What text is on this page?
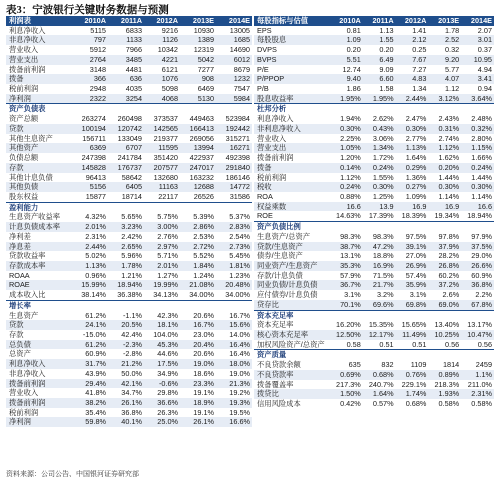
表3：宁波银行关键财务数据与预测
利润表	2010A	2011A	2012A	2013E	2014E
利息净收入	5115	6833	9216	10930	13005
非息净收入	797	1133	1126	1389	1685
营业收入	5912	7966	10342	12319	14690
营业支出	2764	3485	4221	5042	6012
拨备前利润	3148	4481	6121	7277	8679
拨备	366	636	1076	908	1232
税前利润	2948	4035	5098	6469	7547
净利润	2322	3254	4068	5130	5984
资产负债表					
资产总额	263274	260498	373537	449463	523984
贷款	100194	120742	142565	166413	192442
其他生息资产	156711	133049	219377	269056	315271
其他资产	6369	6707	11595	13994	16271
负债总额	247398	241784	351420	422937	492398
存款	145828	176737	207577	247017	291840
其他计息负债	96413	58642	132680	163232	186146
其他负债	5156	6405	11163	12688	14772
股东权益	15877	18714	22117	26526	31586
盈利能力					
生息资产收益率	4.32%	5.65%	5.75%	5.39%	5.37%
计息负债成本率	2.01%	3.23%	3.00%	2.86%	2.83%
净利差	2.31%	2.42%	2.76%	2.53%	2.54%
净息差	2.44%	2.65%	2.97%	2.72%	2.73%
贷款收益率	5.02%	5.96%	5.71%	5.52%	5.45%
存款成本率	1.13%	1.78%	2.01%	1.84%	1.81%
ROAA	0.96%	1.21%	1.27%	1.24%	1.23%
ROAE	15.99%	18.94%	19.99%	21.08%	20.48%
成本收入比	38.14%	36.38%	34.13%	34.00%	34.00%
增长率					
生息资产	61.2%	-1.1%	42.3%	20.6%	16.7%
贷款	24.1%	20.5%	18.1%	16.7%	15.6%
存款	-15.0%	42.4%	104.0%	23.0%	14.0%
总负债	61.2%	-2.3%	45.3%	20.4%	16.4%
总资产	60.9%	-2.8%	44.6%	20.6%	16.4%
利息净收入	31.7%	21.2%	17.5%	19.0%	18.0%
非息净收入	43.9%	50.0%	34.9%	18.6%	19.0%
拨备前利润	29.4%	42.1%	-0.6%	23.3%	21.3%
营业收入	41.8%	34.7%	29.8%	19.1%	19.2%
拨备前利润	38.2%	26.1%	36.6%	18.9%	19.3%
税前利润	35.4%	36.8%	26.3%	19.1%	19.5%
净利润	59.8%	40.1%	25.0%	26.1%	16.6%
每股指标与估值	2010A	2011A	2012A	2013E	2014E
EPS	0.81	1.13	1.41	1.78	2.07
每股股息	1.09	1.55	2.12	2.52	3.01
DVPS	0.20	0.20	0.25	0.32	0.37
BVPS	5.51	6.49	7.67	9.20	10.95
P/E	12.74	9.09	7.27	5.77	4.94
P/PPOP	9.40	6.60	4.83	4.07	3.41
P/B	1.86	1.58	1.34	1.12	0.94
股息收益率	1.95%	1.95%	2.44%	3.12%	3.64%
杜邦分析					
利息净收入	1.94%	2.62%	2.47%	2.43%	2.48%
非利息净收入	0.30%	0.43%	0.30%	0.31%	0.32%
营业收入	2.25%	3.06%	2.77%	2.74%	2.80%
营业支出	1.05%	1.34%	1.13%	1.12%	1.15%
拨备前利润	1.20%	1.72%	1.64%	1.62%	1.66%
拨备	0.14%	0.24%	0.29%	0.20%	0.24%
税前利润	1.12%	1.55%	1.36%	1.44%	1.44%
税收	0.24%	0.30%	0.27%	0.30%	0.30%
ROA	0.88%	1.25%	1.09%	1.14%	1.14%
权益乘数	16.6	13.9	16.9	16.9	16.6
ROE	14.63%	17.39%	18.39%	19.34%	18.94%
资产负债比例					
生息资产/总资产	98.3%	98.3%	97.5%	97.8%	97.9%
贷款/生息资产	38.7%	47.2%	39.1%	37.9%	37.5%
债券/生息资产	13.1%	18.8%	27.0%	28.2%	29.0%
同业资产/生息资产	35.3%	16.9%	26.9%	26.8%	26.6%
存款/计息负债	57.9%	71.5%	57.4%	60.2%	60.9%
同业负债/计息负债	36.7%	21.7%	35.9%	37.2%	36.8%
应付债券/计息负债	3.1%	3.2%	3.1%	2.6%	2.2%
贷存比	70.1%	69.6%	69.8%	69.0%	67.8%
资本充足率					
资本充足率	16.20%	15.35%	15.65%	13.40%	13.17%
核心资本充足率	12.50%	12.17%	11.49%	10.25%	10.47%
加权风险资产/总资产	0.58	0.51	0.51	0.56	0.56
资产质量					
不良贷款余额	635	832	1109	1814	2459
不良贷款率	0.69%	0.68%	0.76%	0.89%	1.1%
拨备覆盖率	217.3%	240.7%	229.1%	218.3%	211.0%
拨贷比	1.50%	1.64%	1.74%	1.93%	2.31%
信用风险成本	0.42%	0.57%	0.68%	0.58%	0.58%
资料来源：公司公告、中国银河证券研究部
